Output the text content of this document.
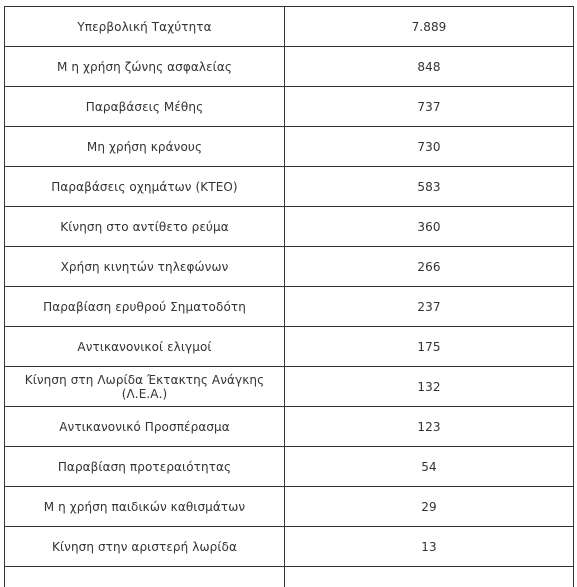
Υπερβολική Ταχύτητα	7.889
Μ η χρήση ζώνης ασφαλείας	848
Παραβάσεις Μέθης	737
Μη χρήση κράνους	730
Παραβάσεις οχημάτων (ΚΤΕΟ)	583
Κίνηση στο αντίθετο ρεύμα	360
Χρήση κινητών τηλεφώνων	266
Παραβίαση ερυθρού Σηματοδότη	237
Αντικανονικοί ελιγμοί	175
Κίνηση στη Λωρίδα Έκτακτης Ανάγκης (Λ.Ε.Α.)	132
Αντικανονικό Προσπέρασμα	123
Παραβίαση προτεραιότητας	54
Μ η χρήση παιδικών καθισμάτων	29
Κίνηση στην αριστερή λωρίδα	13
